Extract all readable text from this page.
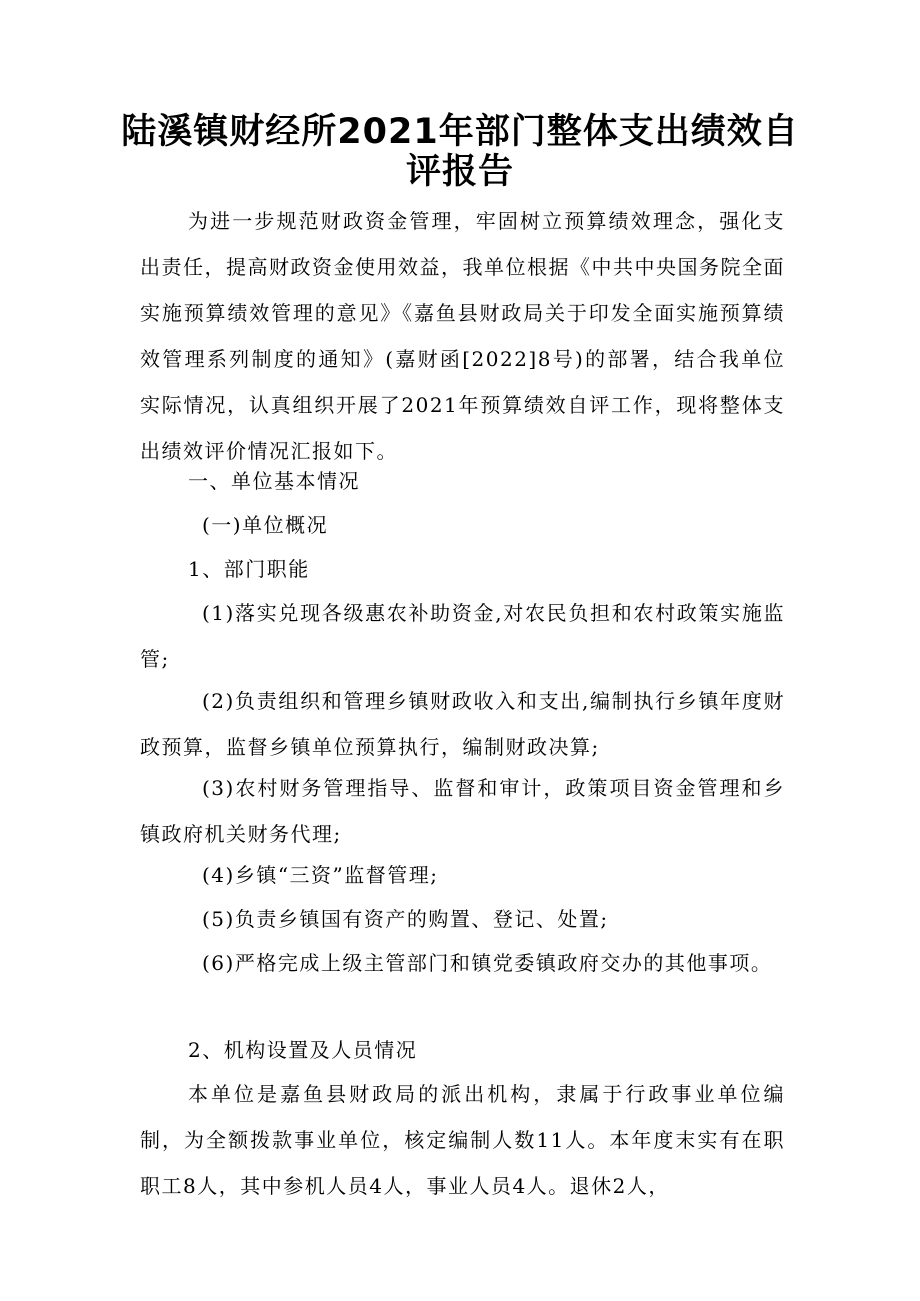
陆溪镇财经所2021年部门整体支出绩效自
评报告

为进一步规范财政资金管理，牢固树立预算绩效理念，强化支出责任，提高财政资金使用效益，我单位根据《中共中央国务院全面实施预算绩效管理的意见》《嘉鱼县财政局关于印发全面实施预算绩效管理系列制度的通知》(嘉财函[2022]8号)的部署，结合我单位实际情况，认真组织开展了2021年预算绩效自评工作，现将整体支出绩效评价情况汇报如下。

一、单位基本情况

(一)单位概况

1、部门职能

(1)落实兑现各级惠农补助资金,对农民负担和农村政策实施监管;

(2)负责组织和管理乡镇财政收入和支出,编制执行乡镇年度财政预算，监督乡镇单位预算执行，编制财政决算;

(3)农村财务管理指导、监督和审计，政策项目资金管理和乡镇政府机关财务代理;

(4)乡镇“三资”监督管理;

(5)负责乡镇国有资产的购置、登记、处置;

(6)严格完成上级主管部门和镇党委镇政府交办的其他事项。

2、机构设置及人员情况

本单位是嘉鱼县财政局的派出机构，隶属于行政事业单位编制，为全额拨款事业单位，核定编制人数11人。本年度末实有在职职工8人，其中参机人员4人，事业人员4人。退休2人，
